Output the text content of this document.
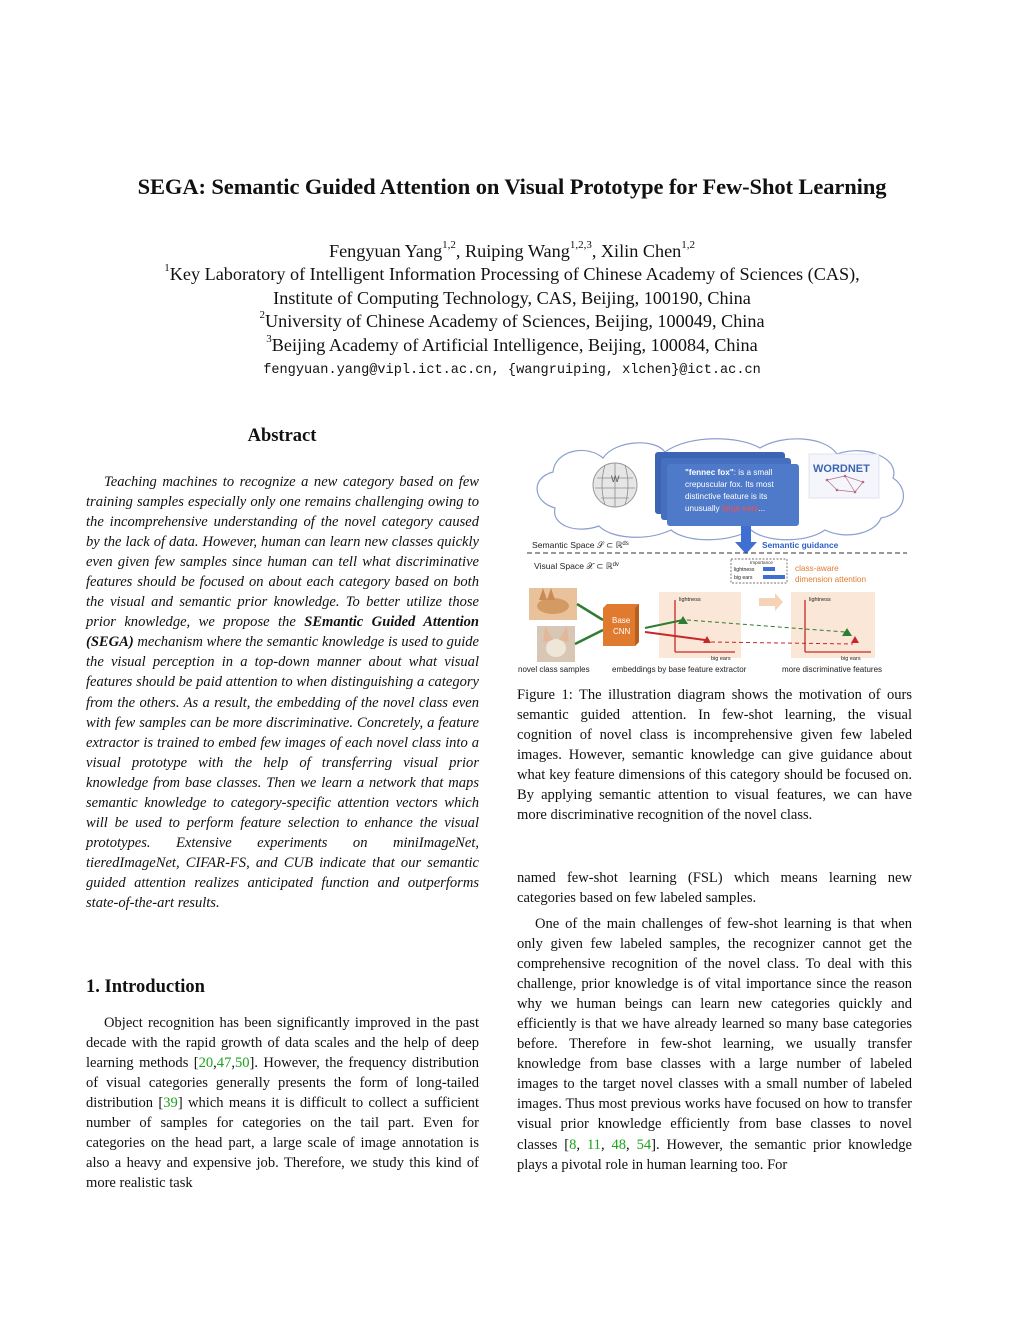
SEGA: Semantic Guided Attention on Visual Prototype for Few-Shot Learning
Fengyuan Yang$^{1,2}$, Ruiping Wang$^{1,2,3}$, Xilin Chen$^{1,2}$
$^1$Key Laboratory of Intelligent Information Processing of Chinese Academy of Sciences (CAS),
Institute of Computing Technology, CAS, Beijing, 100190, China
$^2$University of Chinese Academy of Sciences, Beijing, 100049, China
$^3$Beijing Academy of Artificial Intelligence, Beijing, 100084, China
fengyuan.yang@vipl.ict.ac.cn, {wangruiping, xlchen}@ict.ac.cn
Abstract

Teaching machines to recognize a new category based on few training samples especially only one remains challenging owing to the incomprehensive understanding of the novel category caused by the lack of data. However, human can learn new classes quickly even given few samples since human can tell what discriminative features should be focused on about each category based on both the visual and semantic prior knowledge. To better utilize those prior knowledge, we propose the SEmantic Guided Attention (SEGA) mechanism where the semantic knowledge is used to guide the visual perception in a top-down manner about what visual features should be paid attention to when distinguishing a category from the others. As a result, the embedding of the novel class even with few samples can be more discriminative. Concretely, a feature extractor is trained to embed few images of each novel class into a visual prototype with the help of transferring visual prior knowledge from base classes. Then we learn a network that maps semantic knowledge to category-specific attention vectors which will be used to perform feature selection to enhance the visual prototypes. Extensive experiments on miniImageNet, tieredImageNet, CIFAR-FS, and CUB indicate that our semantic guided attention realizes anticipated function and outperforms state-of-the-art results.

1. Introduction

Object recognition has been significantly improved in the past decade with the rapid growth of data scales and the help of deep learning methods [20,47,50]. However, the frequency distribution of visual categories generally presents the form of long-tailed distribution [39] which means it is difficult to collect a sufficient number of samples for categories on the tail part. Even for categories on the head part, a large scale of image annotation is also a heavy and expensive job. Therefore, we study this kind of more realistic task

W
"fennec fox": is a small
crepuscular fox. Its most
distinctive feature is its
unusually large ears...
WORDNET
Semantic Space 𝒮 ⊂ ℝ$^{ds}$	Semantic guidance
Visual Space 𝒳 ⊂ ℝ$^{dv}$	Importance
lightness
big ears
class-aware
dimension attention
Base
CNN
lightness
big ears
lightness
big ears
novel class samples	embeddings by base feature extractor	more discriminative features

Figure 1: The illustration diagram shows the motivation of ours semantic guided attention. In few-shot learning, the visual cognition of novel class is incomprehensive given few labeled images. However, semantic knowledge can give guidance about what key feature dimensions of this category should be focused on. By applying semantic attention to visual features, we can have more discriminative recognition of the novel class.

named few-shot learning (FSL) which means learning new categories based on few labeled samples.

One of the main challenges of few-shot learning is that when only given few labeled samples, the recognizer cannot get the comprehensive recognition of the novel class. To deal with this challenge, prior knowledge is of vital importance since the reason why we human beings can learn new categories quickly and efficiently is that we have already learned so many base categories before. Therefore in few-shot learning, we usually transfer knowledge from base classes with a large number of labeled images to the target novel classes with a small number of labeled images. Thus most previous works have focused on how to transfer visual prior knowledge efficiently from base classes to novel classes [8, 11, 48, 54]. However, the semantic prior knowledge plays a pivotal role in human learning too. For
